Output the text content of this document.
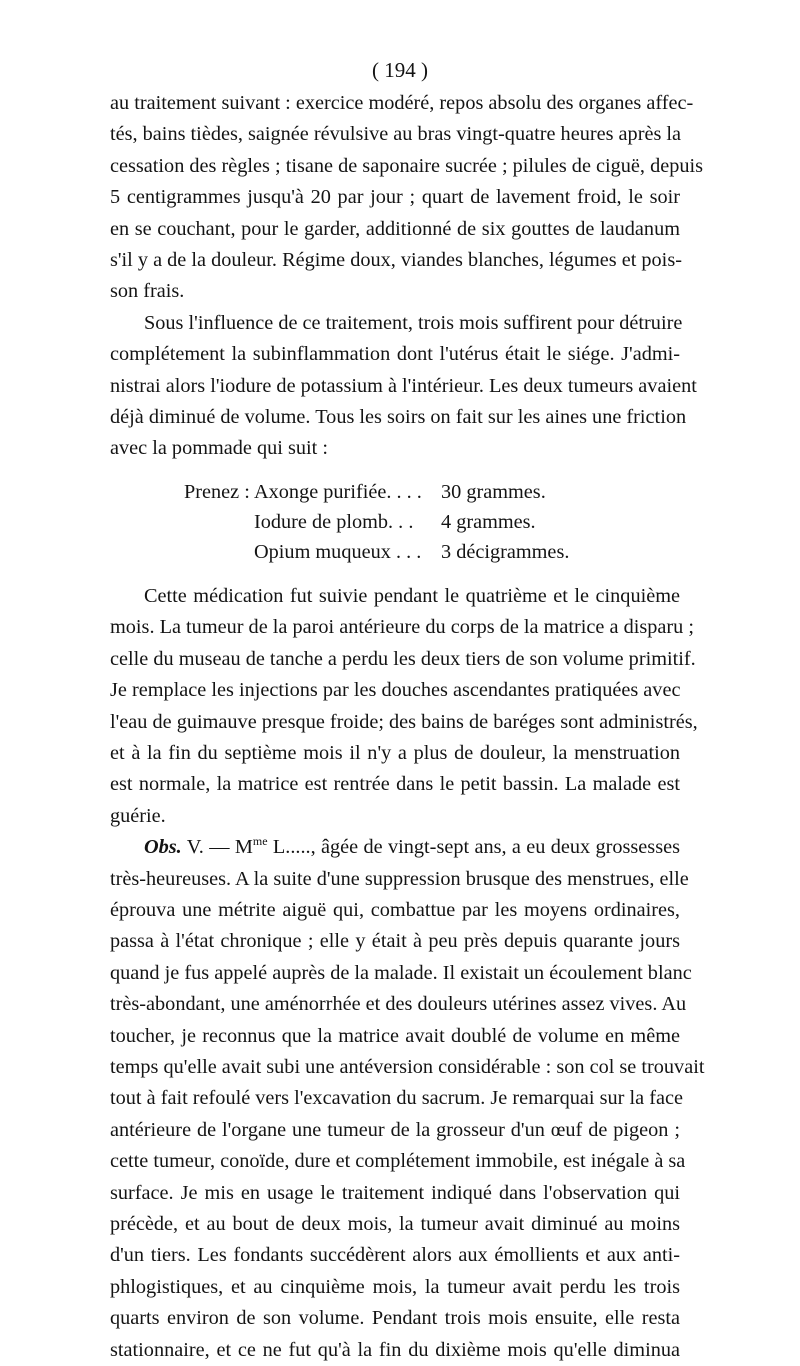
( 194 )
au traitement suivant : exercice modéré, repos absolu des organes affec-
tés, bains tièdes, saignée révulsive au bras vingt-quatre heures après la
cessation des règles ; tisane de saponaire sucrée ; pilules de ciguë, depuis
5 centigrammes jusqu'à 20 par jour ; quart de lavement froid, le soir
en se couchant, pour le garder, additionné de six gouttes de laudanum
s'il y a de la douleur. Régime doux, viandes blanches, légumes et pois-
son frais.
Sous l'influence de ce traitement, trois mois suffirent pour détruire
complétement la subinflammation dont l'utérus était le siége. J'admi-
nistrai alors l'iodure de potassium à l'intérieur. Les deux tumeurs avaient
déjà diminué de volume. Tous les soirs on fait sur les aines une friction
avec la pommade qui suit :
Prenez : Axonge purifiée. . . . 30 grammes.
Iodure de plomb. . .	4 grammes.
Opium muqueux . . . 3 décigrammes.
Cette médication fut suivie pendant le quatrième et le cinquième
mois. La tumeur de la paroi antérieure du corps de la matrice a disparu ;
celle du museau de tanche a perdu les deux tiers de son volume primitif.
Je remplace les injections par les douches ascendantes pratiquées avec
l'eau de guimauve presque froide; des bains de baréges sont administrés,
et à la fin du septième mois il n'y a plus de douleur, la menstruation
est normale, la matrice est rentrée dans le petit bassin. La malade est
guérie.
Obs. V. — $M^{me}$ L....., âgée de vingt-sept ans, a eu deux grossesses
très-heureuses. A la suite d'une suppression brusque des menstrues, elle
éprouva une métrite aiguë qui, combattue par les moyens ordinaires,
passa à l'état chronique ; elle y était à peu près depuis quarante jours
quand je fus appelé auprès de la malade. Il existait un écoulement blanc
très-abondant, une aménorrhée et des douleurs utérines assez vives. Au
toucher, je reconnus que la matrice avait doublé de volume en même
temps qu'elle avait subi une antéversion considérable : son col se trouvait
tout à fait refoulé vers l'excavation du sacrum. Je remarquai sur la face
antérieure de l'organe une tumeur de la grosseur d'un œuf de pigeon ;
cette tumeur, conoïde, dure et complétement immobile, est inégale à sa
surface. Je mis en usage le traitement indiqué dans l'observation qui
précède, et au bout de deux mois, la tumeur avait diminué au moins
d'un tiers. Les fondants succédèrent alors aux émollients et aux anti-
phlogistiques, et au cinquième mois, la tumeur avait perdu les trois
quarts environ de son volume. Pendant trois mois ensuite, elle resta
stationnaire, et ce ne fut qu'à la fin du dixième mois qu'elle diminua
